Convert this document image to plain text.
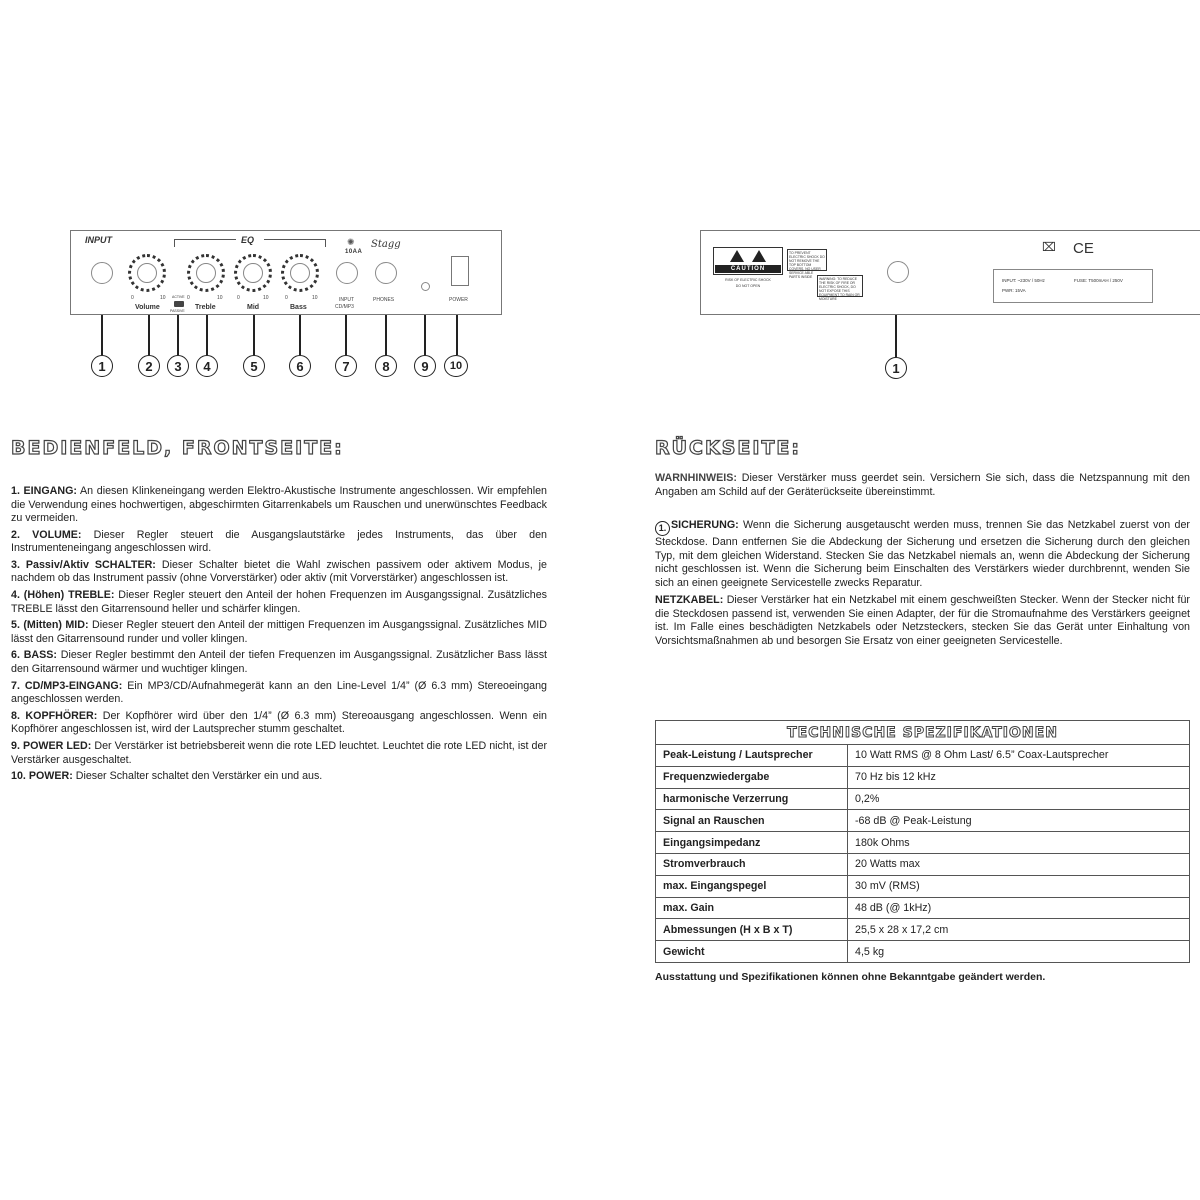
INPUT	EQ
0	10
Volume
ACTIVE
PASSIVE
0	10
Treble
0	10
Mid
0	10
Bass
✺
10AA
Stagg
INPUT
CD/MP3
PHONES	POWER
1	2	3	4	5	6	7	8	9	10
CAUTION
RISK OF ELECTRIC SHOCK
DO NOT OPEN
TO PREVENT ELECTRIC SHOCK DO NOT REMOVE THE TOP BOTTOM COVERS. NO USER SERVICE ABLE PARTS INSIDE	WARNING: TO REDUCE THE RISK OF FIRE OR ELECTRIC SHOCK, DO NOT EXPOSE THIS EQUIPMENT TO RAIN OR MOISTURE
⌧ CE
INPUT: ~230V / 50Hz	FUSE: T500mAH / 250V
PWR: 15VA
1
BEDIENFELD, FRONTSEITE:	RÜCKSEITE:

1. EINGANG: An diesen Klinkeneingang werden Elektro-Akustische Instrumente angeschlossen. Wir empfehlen die Verwendung eines hochwertigen, abgeschirmten Gitarrenkabels um Rauschen und unerwünschtes Feedback zu vermeiden.

2. VOLUME: Dieser Regler steuert die Ausgangslautstärke jedes Instruments, das über den Instrumenteneingang angeschlossen wird.

3. Passiv/Aktiv SCHALTER: Dieser Schalter bietet die Wahl zwischen passivem oder aktivem Modus, je nachdem ob das Instrument passiv (ohne Vorverstärker) oder aktiv (mit Vorverstärker) angeschlossen ist.

4. (Höhen) TREBLE: Dieser Regler steuert den Anteil der hohen Frequenzen im Ausgangssignal. Zusätzliches TREBLE lässt den Gitarrensound heller und schärfer klingen.

5. (Mitten) MID: Dieser Regler steuert den Anteil der mittigen Frequenzen im Ausgangssignal. Zusätzliches MID lässt den Gitarrensound runder und voller klingen.

6. BASS: Dieser Regler bestimmt den Anteil der tiefen Frequenzen im Ausgangssignal. Zusätzlicher Bass lässt den Gitarrensound wärmer und wuchtiger klingen.

7. CD/MP3-EINGANG: Ein MP3/CD/Aufnahmegerät kann an den Line-Level 1/4” (Ø 6.3 mm) Stereoeingang angeschlossen werden.

8. KOPFHÖRER: Der Kopfhörer wird über den 1/4” (Ø 6.3 mm) Stereoausgang angeschlossen. Wenn ein Kopfhörer angeschlossen ist, wird der Lautsprecher stumm geschaltet.

9. POWER LED: Der Verstärker ist betriebsbereit wenn die rote LED leuchtet. Leuchtet die rote LED nicht, ist der Verstärker ausgeschaltet.

10. POWER: Dieser Schalter schaltet den Verstärker ein und aus.

WARNHINWEIS: Dieser Verstärker muss geerdet sein. Versichern Sie sich, dass die Netzspannung mit den Angaben am Schild auf der Geräterückseite übereinstimmt.

1. SICHERUNG: Wenn die Sicherung ausgetauscht werden muss, trennen Sie das Netzkabel zuerst von der Steckdose. Dann entfernen Sie die Abdeckung der Sicherung und ersetzen die Sicherung durch den gleichen Typ, mit dem gleichen Widerstand. Stecken Sie das Netzkabel niemals an, wenn die Abdeckung der Sicherung nicht geschlossen ist. Wenn die Sicherung beim Einschalten des Verstärkers wieder durchbrennt, wenden Sie sich an einen geeignete Servicestelle zwecks Reparatur.

NETZKABEL: Dieser Verstärker hat ein Netzkabel mit einem geschweißten Stecker. Wenn der Stecker nicht für die Steckdosen passend ist, verwenden Sie einen Adapter, der für die Stromaufnahme des Verstärkers geeignet ist. Im Falle eines beschädigten Netzkabels oder Netzsteckers, stecken Sie das Gerät unter Einhaltung von Vorsichtsmaßnahmen ab und besorgen Sie Ersatz von einer geeigneten Servicestelle.

TECHNISCHE SPEZIFIKATIONEN	
Peak-Leistung / Lautsprecher	10 Watt RMS @ 8 Ohm Last/ 6.5” Coax-Lautsprecher
Frequenzwiedergabe	70 Hz bis 12 kHz
harmonische Verzerrung	0,2%
Signal an Rauschen	-68 dB @ Peak-Leistung
Eingangsimpedanz	180k Ohms
Stromverbrauch	20 Watts max
max. Eingangspegel	30 mV (RMS)
max. Gain	48 dB (@ 1kHz)
Abmessungen (H x B x T)	25,5 x 28 x 17,2 cm
Gewicht	4,5 kg
Ausstattung und Spezifikationen können ohne Bekanntgabe geändert werden.
